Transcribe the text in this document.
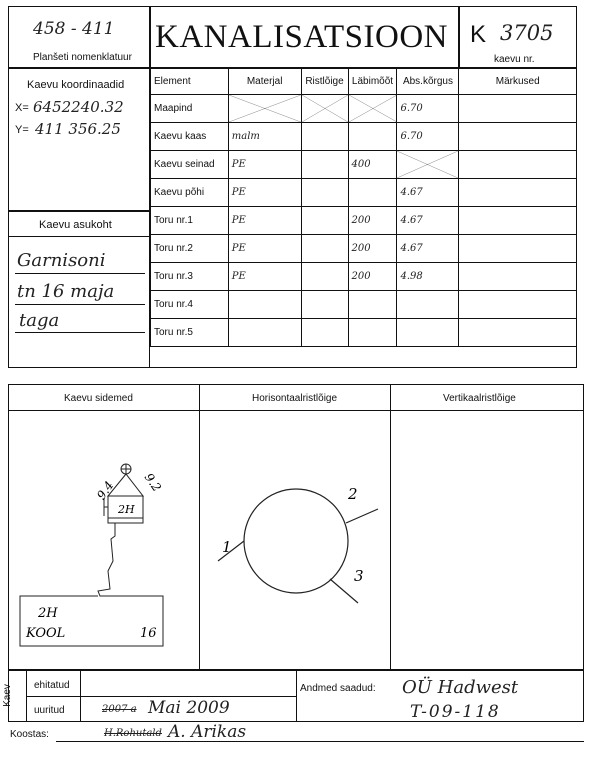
458 - 411
Planšeti nomenklatuur
KANALISATSIOON K 3705
kaevu nr.
Kaevu koordinaadid
X= 6452240.32
Y= 411 356.25
Kaevu asukoht
Garnisoni
tn 16 maja
taga
Element	Materjal	Ristlõige	Läbimõõt	Abs.kõrgus	Märkused
Maapind				6.70	
Kaevu kaas	malm			6.70	
Kaevu seinad	PE		400	

Kaevu põhi	PE			4.67	
Toru nr.1	PE		200	4.67	
Toru nr.2	PE		200	4.67	
Toru nr.3	PE		200	4.98	
Toru nr.4					
Toru nr.5					
Kaevu sidemed	Horisontaalristlõige	Vertikaalristlõige
9.4 9.2
2H
2H
KOOL	16
1
2
3
Kaev ehitatud
uuritud	2007 a Mai 2009
Andmed saadud: OÜ Hadwest
T-09-118
Koostas:	H.Rohutald A. Arikas
